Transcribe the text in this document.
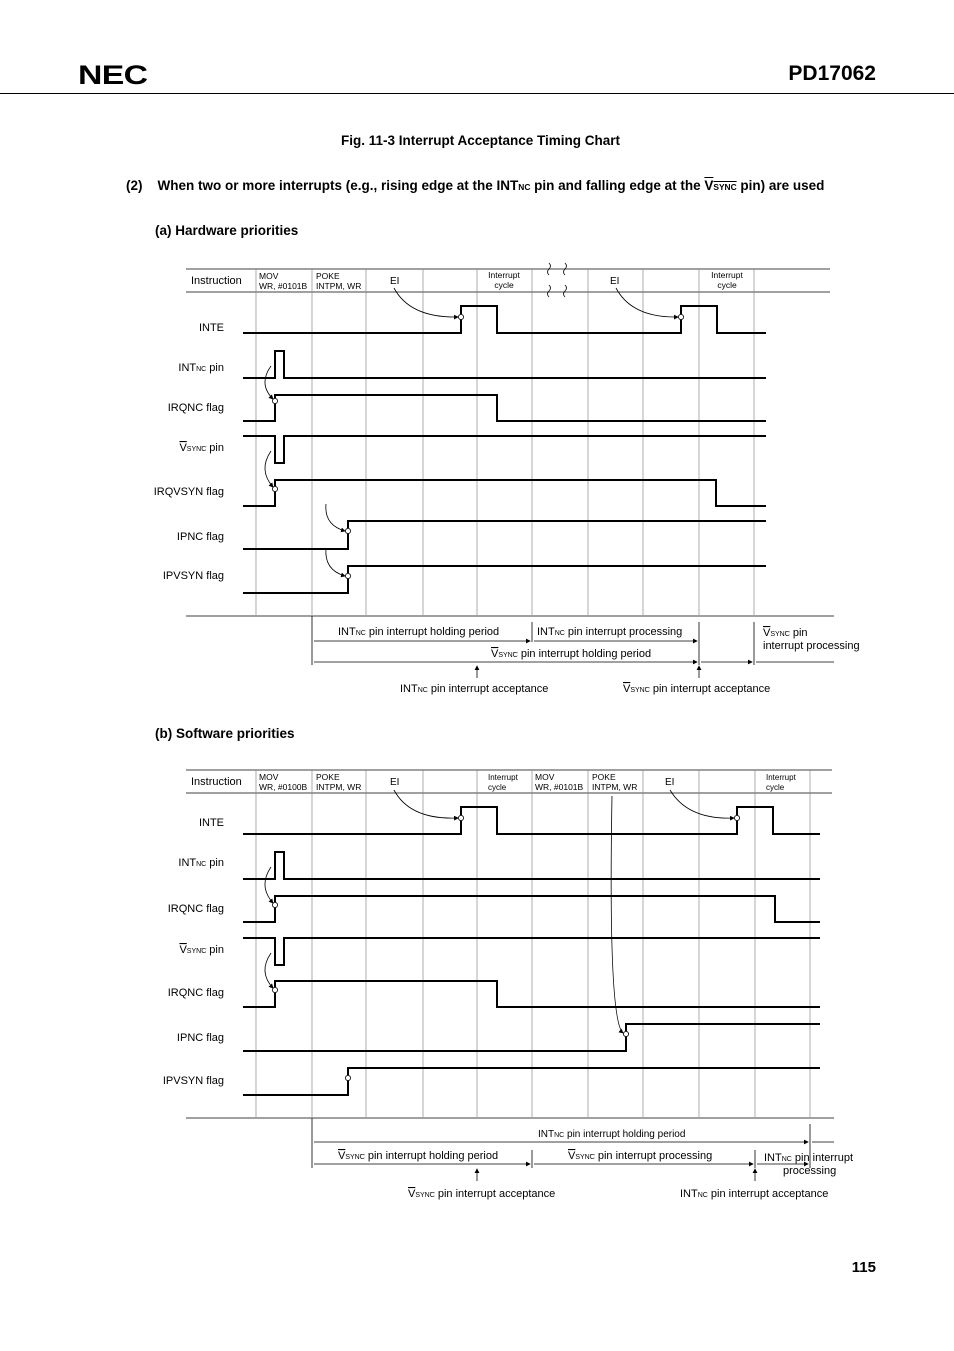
NEC	PD17062
Fig. 11-3 Interrupt Acceptance Timing Chart
(2) When two or more interrupts (e.g., rising edge at the INTNC pin and falling edge at the VSYNC pin) are used
(a) Hardware priorities
(b) Software priorities
Instruction MOV
WR, #0101B
POKE
INTPM, WR	EI
Interrupt
cycle	EI
Interrupt
cycle
INTE
INTNC pin
IRQNC flag
VSYNC pin
IRQVSYN flag
IPNC flag
IPVSYN flag
INTNC pin interrupt holding period	INTNC pin interrupt processing	VSYNC pin
interrupt processing
VSYNC pin interrupt holding period
INTNC pin interrupt acceptance	VSYNC pin interrupt acceptance
Instruction MOV
WR, #0100B
POKE
INTPM, WR	EI	Interrupt
cycle
MOV
WR, #0101B
POKE
INTPM, WR	EI	Interrupt
cycle
INTE
INTNC pin
IRQNC flag
VSYNC pin
IRQNC flag
IPNC flag
IPVSYN flag
INTNC pin interrupt holding period
VSYNC pin interrupt holding period	VSYNC pin interrupt processing	INTNC pin interrupt
processing
VSYNC pin interrupt acceptance	INTNC pin interrupt acceptance
115
